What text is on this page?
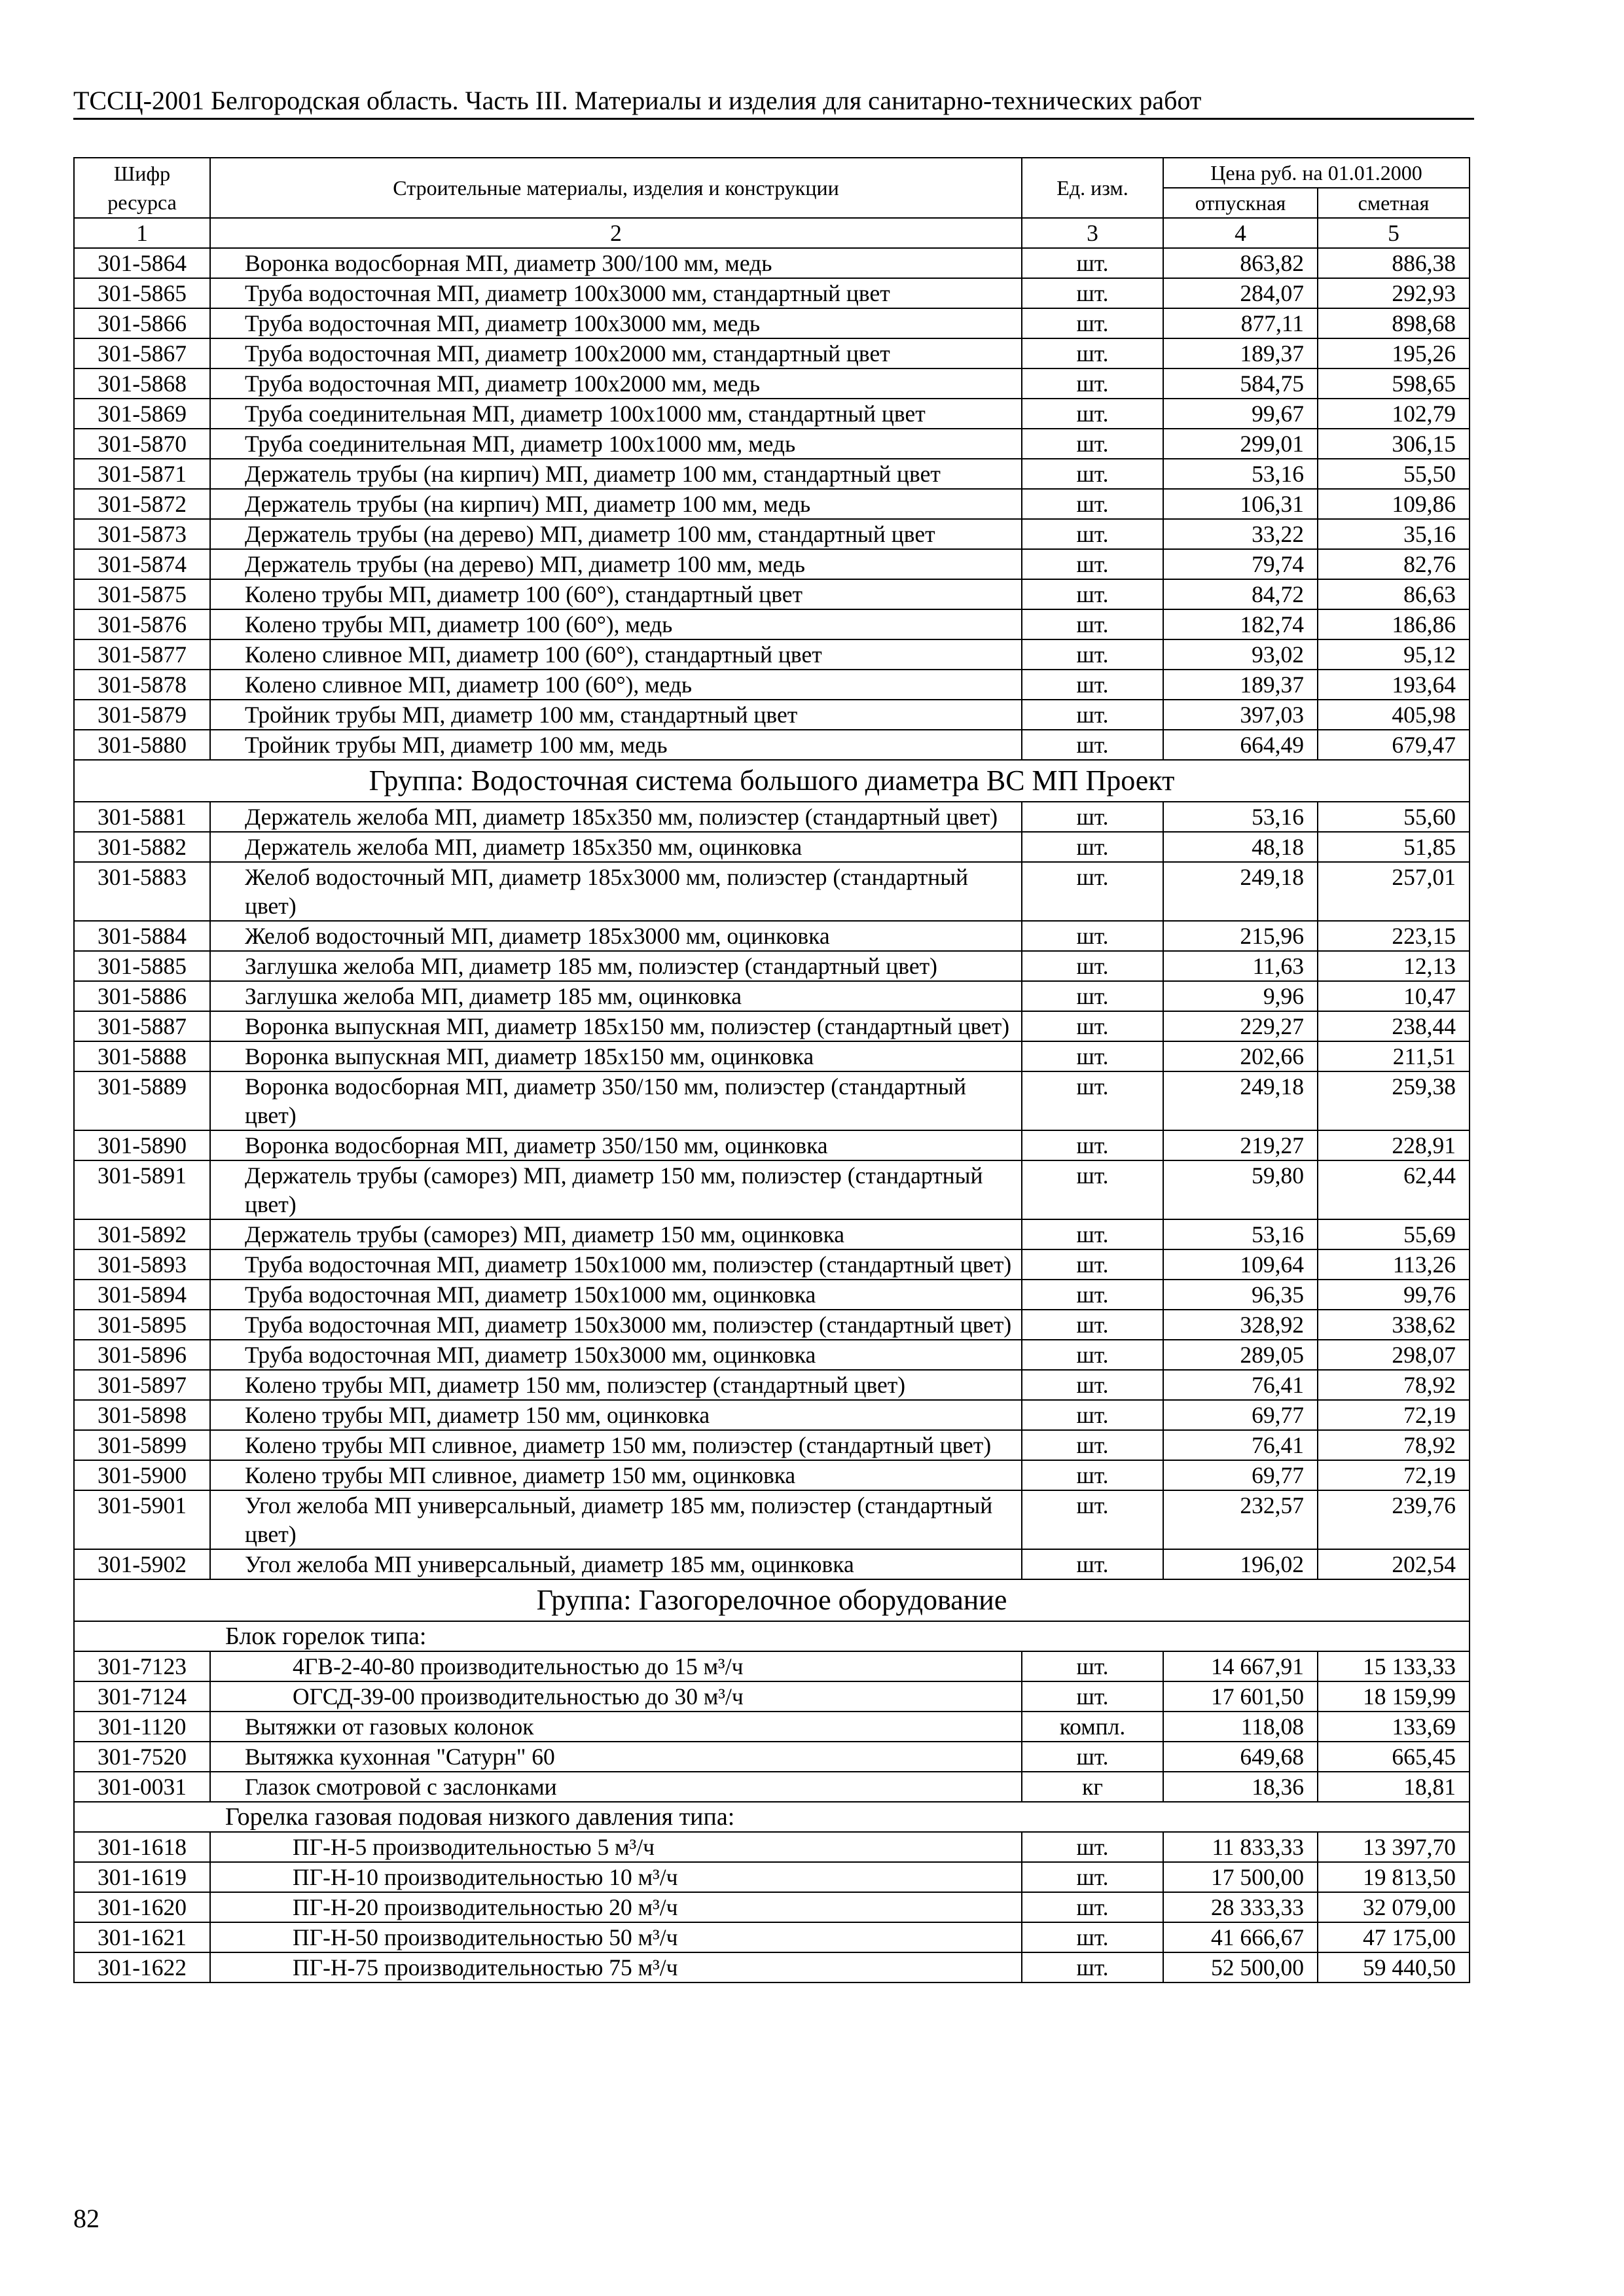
ТССЦ-2001 Белгородская область. Часть III. Материалы и изделия для санитарно-технических работ
Шифр ресурса	Строительные материалы, изделия и конструкции	Ед. изм.	Цена руб. на 01.01.2000	
			отпускная	сметная
1	2	3	4	5
301-5864	Воронка водосборная МП, диаметр 300/100 мм, медь	шт.	863,82	886,38
301-5865	Труба водосточная МП, диаметр 100х3000 мм, стандартный цвет	шт.	284,07	292,93
301-5866	Труба водосточная МП, диаметр 100х3000 мм, медь	шт.	877,11	898,68
301-5867	Труба водосточная МП, диаметр 100х2000 мм, стандартный цвет	шт.	189,37	195,26
301-5868	Труба водосточная МП, диаметр 100х2000 мм, медь	шт.	584,75	598,65
301-5869	Труба соединительная МП, диаметр 100х1000 мм, стандартный цвет	шт.	99,67	102,79
301-5870	Труба соединительная МП, диаметр 100х1000 мм, медь	шт.	299,01	306,15
301-5871	Держатель трубы (на кирпич) МП, диаметр 100 мм, стандартный цвет	шт.	53,16	55,50
301-5872	Держатель трубы (на кирпич) МП, диаметр 100 мм, медь	шт.	106,31	109,86
301-5873	Держатель трубы (на дерево) МП, диаметр 100 мм, стандартный цвет	шт.	33,22	35,16
301-5874	Держатель трубы (на дерево) МП, диаметр 100 мм, медь	шт.	79,74	82,76
301-5875	Колено трубы МП, диаметр 100 (60°), стандартный цвет	шт.	84,72	86,63
301-5876	Колено трубы МП, диаметр 100 (60°), медь	шт.	182,74	186,86
301-5877	Колено сливное МП, диаметр 100 (60°), стандартный цвет	шт.	93,02	95,12
301-5878	Колено сливное МП, диаметр 100 (60°), медь	шт.	189,37	193,64
301-5879	Тройник трубы МП, диаметр 100 мм, стандартный цвет	шт.	397,03	405,98
301-5880	Тройник трубы МП, диаметр 100 мм, медь	шт.	664,49	679,47
Группа: Водосточная система большого диаметра ВС МП Проект				
301-5881	Держатель желоба МП, диаметр 185х350 мм, полиэстер (стандартный цвет)	шт.	53,16	55,60
301-5882	Держатель желоба МП, диаметр 185х350 мм, оцинковка	шт.	48,18	51,85
301-5883	Желоб водосточный МП, диаметр 185х3000 мм, полиэстер (стандартный цвет)	шт.	249,18	257,01
301-5884	Желоб водосточный МП, диаметр 185х3000 мм, оцинковка	шт.	215,96	223,15
301-5885	Заглушка желоба МП, диаметр 185 мм, полиэстер (стандартный цвет)	шт.	11,63	12,13
301-5886	Заглушка желоба МП, диаметр 185 мм, оцинковка	шт.	9,96	10,47
301-5887	Воронка выпускная МП, диаметр 185х150 мм, полиэстер (стандартный цвет)	шт.	229,27	238,44
301-5888	Воронка выпускная МП, диаметр 185х150 мм, оцинковка	шт.	202,66	211,51
301-5889	Воронка водосборная МП, диаметр 350/150 мм, полиэстер (стандартный цвет)	шт.	249,18	259,38
301-5890	Воронка водосборная МП, диаметр 350/150 мм, оцинковка	шт.	219,27	228,91
301-5891	Держатель трубы (саморез) МП, диаметр 150 мм, полиэстер (стандартный цвет)	шт.	59,80	62,44
301-5892	Держатель трубы (саморез) МП, диаметр 150 мм, оцинковка	шт.	53,16	55,69
301-5893	Труба водосточная МП, диаметр 150х1000 мм, полиэстер (стандартный цвет)	шт.	109,64	113,26
301-5894	Труба водосточная МП, диаметр 150х1000 мм, оцинковка	шт.	96,35	99,76
301-5895	Труба водосточная МП, диаметр 150х3000 мм, полиэстер (стандартный цвет)	шт.	328,92	338,62
301-5896	Труба водосточная МП, диаметр 150х3000 мм, оцинковка	шт.	289,05	298,07
301-5897	Колено трубы МП, диаметр 150 мм, полиэстер (стандартный цвет)	шт.	76,41	78,92
301-5898	Колено трубы МП, диаметр 150 мм, оцинковка	шт.	69,77	72,19
301-5899	Колено трубы МП сливное, диаметр 150 мм, полиэстер (стандартный цвет)	шт.	76,41	78,92
301-5900	Колено трубы МП сливное, диаметр 150 мм, оцинковка	шт.	69,77	72,19
301-5901	Угол желоба МП универсальный, диаметр 185 мм, полиэстер (стандартный цвет)	шт.	232,57	239,76
301-5902	Угол желоба МП универсальный, диаметр 185 мм, оцинковка	шт.	196,02	202,54
Группа: Газогорелочное оборудование				
Блок горелок типа:				
301-7123	4ГВ-2-40-80 производительностью до 15 м³/ч	шт.	14 667,91	15 133,33
301-7124	ОГСД-39-00 производительностью до 30 м³/ч	шт.	17 601,50	18 159,99
301-1120	Вытяжки от газовых колонок	компл.	118,08	133,69
301-7520	Вытяжка кухонная "Сатурн" 60	шт.	649,68	665,45
301-0031	Глазок смотровой с заслонками	кг	18,36	18,81
Горелка газовая подовая низкого давления типа:				
301-1618	ПГ-Н-5 производительностью 5 м³/ч	шт.	11 833,33	13 397,70
301-1619	ПГ-Н-10 производительностью 10 м³/ч	шт.	17 500,00	19 813,50
301-1620	ПГ-Н-20 производительностью 20 м³/ч	шт.	28 333,33	32 079,00
301-1621	ПГ-Н-50 производительностью 50 м³/ч	шт.	41 666,67	47 175,00
301-1622	ПГ-Н-75 производительностью 75 м³/ч	шт.	52 500,00	59 440,50
82
